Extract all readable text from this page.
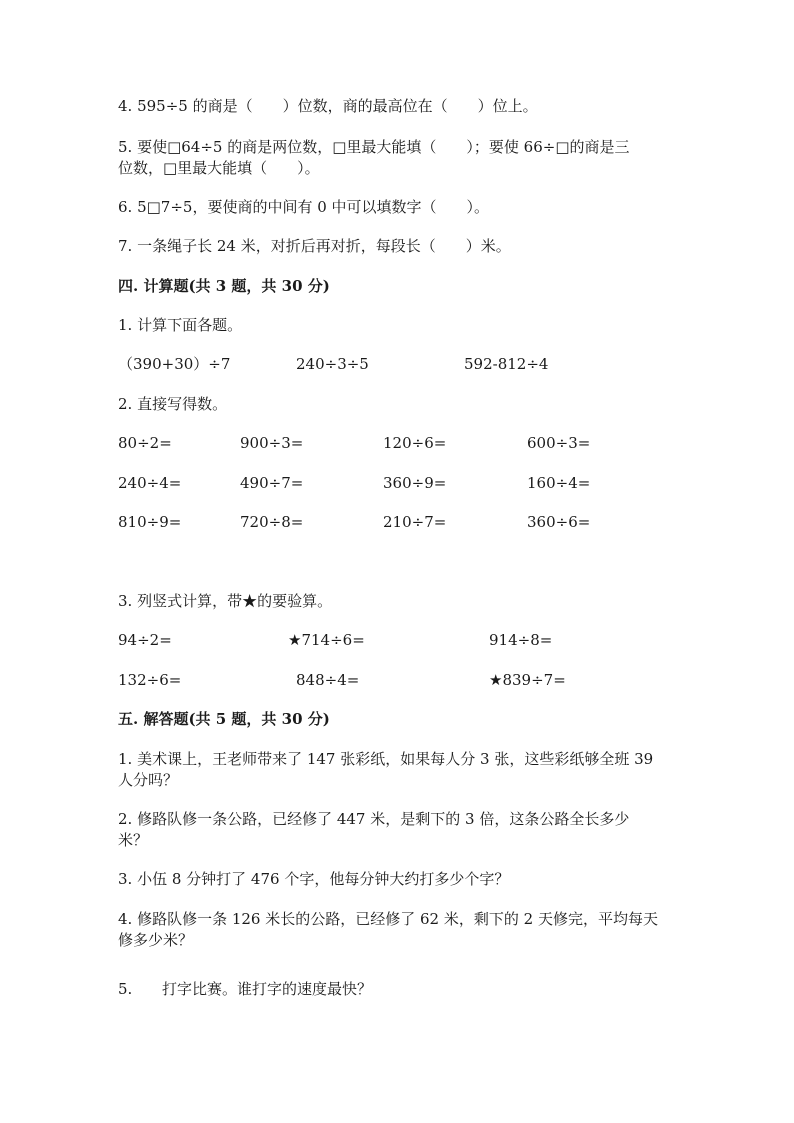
4. 595÷5 的商是（　　）位数，商的最高位在（　　）位上。
5. 要使□64÷5 的商是两位数，□里最大能填（　　）；要使 66÷□的商是三
位数，□里最大能填（　　）。
6. 5□7÷5，要使商的中间有 0 中可以填数字（　　）。
7. 一条绳子长 24 米，对折后再对折，每段长（　　）米。
四. 计算题(共 3 题，共 30 分)
1. 计算下面各题。
（390+30）÷7	240÷3÷5	592-812÷4
2. 直接写得数。
80÷2=	900÷3=	120÷6=	600÷3=
240÷4=	490÷7=	360÷9=	160÷4=
810÷9=	720÷8=	210÷7=	360÷6=
3. 列竖式计算，带★的要验算。
94÷2=	★714÷6=	914÷8=
132÷6=	848÷4=	★839÷7=
五. 解答题(共 5 题，共 30 分)
1. 美术课上，王老师带来了 147 张彩纸，如果每人分 3 张，这些彩纸够全班 39
人分吗？
2. 修路队修一条公路，已经修了 447 米，是剩下的 3 倍，这条公路全长多少
米？
3. 小伍 8 分钟打了 476 个字，他每分钟大约打多少个字？
4. 修路队修一条 126 米长的公路，已经修了 62 米，剩下的 2 天修完，平均每天
修多少米？
5. 打字比赛。谁打字的速度最快？
